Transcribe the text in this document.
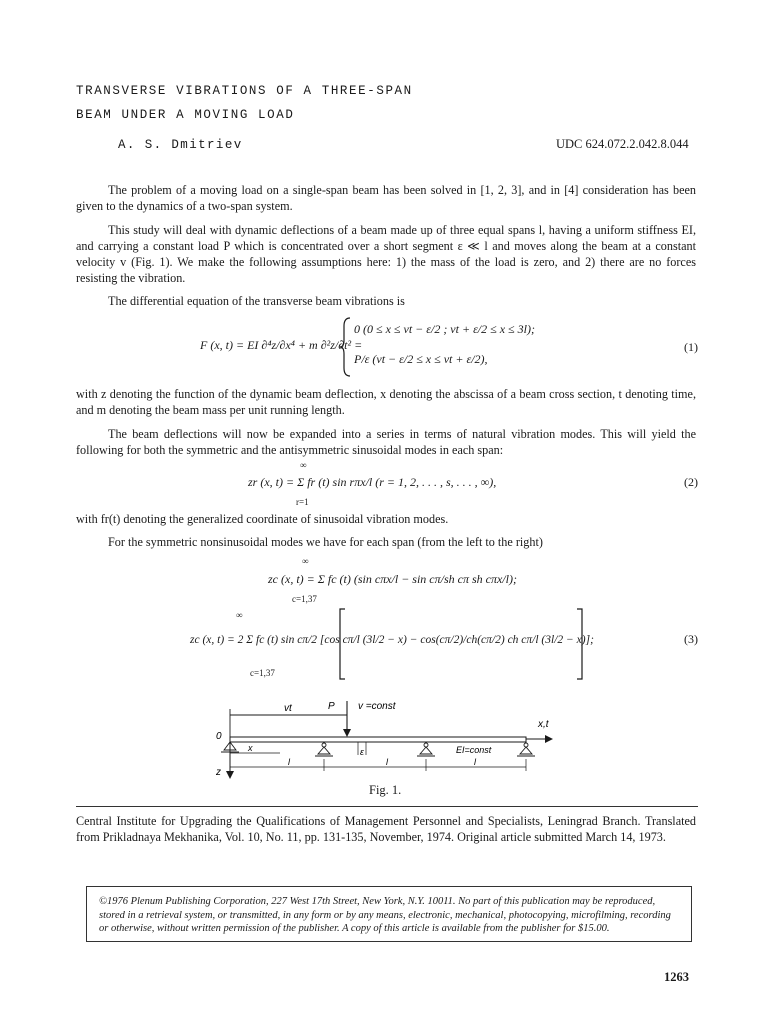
TRANSVERSE VIBRATIONS OF A THREE-SPAN
BEAM UNDER A MOVING LOAD
A. S. Dmitriev	UDC 624.072.2.042.8.044
The problem of a moving load on a single-span beam has been solved in [1, 2, 3], and in [4] consideration has been given to the dynamics of a two-span system.
This study will deal with dynamic deflections of a beam made up of three equal spans l, having a uniform stiffness EI, and carrying a constant load P which is concentrated over a short segment ε ≪ l and moves along the beam at a constant velocity v (Fig. 1). We make the following assumptions here: 1) the mass of the load is zero, and 2) there are no forces resisting the vibration.
The differential equation of the transverse beam vibrations is
F (x, t) = EI ∂⁴z/∂x⁴ + m ∂²z/∂t² =
0 (0 ≤ x ≤ vt − ε/2 ; vt + ε/2 ≤ x ≤ 3l);
P/ε (vt − ε/2 ≤ x ≤ vt + ε/2),
(1)
with z denoting the function of the dynamic beam deflection, x denoting the abscissa of a beam cross section, t denoting time, and m denoting the beam mass per unit running length.
The beam deflections will now be expanded into a series in terms of natural vibration modes. This will yield the following for both the symmetric and the antisymmetric sinusoidal modes in each span:
∞
zr (x, t) = Σ fr (t) sin rπx/l (r = 1, 2, . . . , s, . . . , ∞),
r=1
(2)
with fr(t) denoting the generalized coordinate of sinusoidal vibration modes.
For the symmetric nonsinusoidal modes we have for each span (from the left to the right)
∞
zc (x, t) = Σ fc (t) (sin cπx/l − sin cπ/sh cπ sh cπx/l);
c=1,37
∞
zc (x, t) = 2 Σ fc (t) sin cπ/2 [cos cπ/l (3l/2 − x) − cos(cπ/2)/ch(cπ/2) ch cπ/l (3l/2 − x)];
c=1,37
(3)
vt	P v =const
x,t
0
z
x	ε	EI=const
l	l	l
Fig. 1.
Central Institute for Upgrading the Qualifications of Management Personnel and Specialists, Leningrad Branch. Translated from Prikladnaya Mekhanika, Vol. 10, No. 11, pp. 131-135, November, 1974. Original article submitted March 14, 1973.
©1976 Plenum Publishing Corporation, 227 West 17th Street, New York, N.Y. 10011. No part of this publication may be reproduced, stored in a retrieval system, or transmitted, in any form or by any means, electronic, mechanical, photocopying, microfilming, recording or otherwise, without written permission of the publisher. A copy of this article is available from the publisher for $15.00.
1263
